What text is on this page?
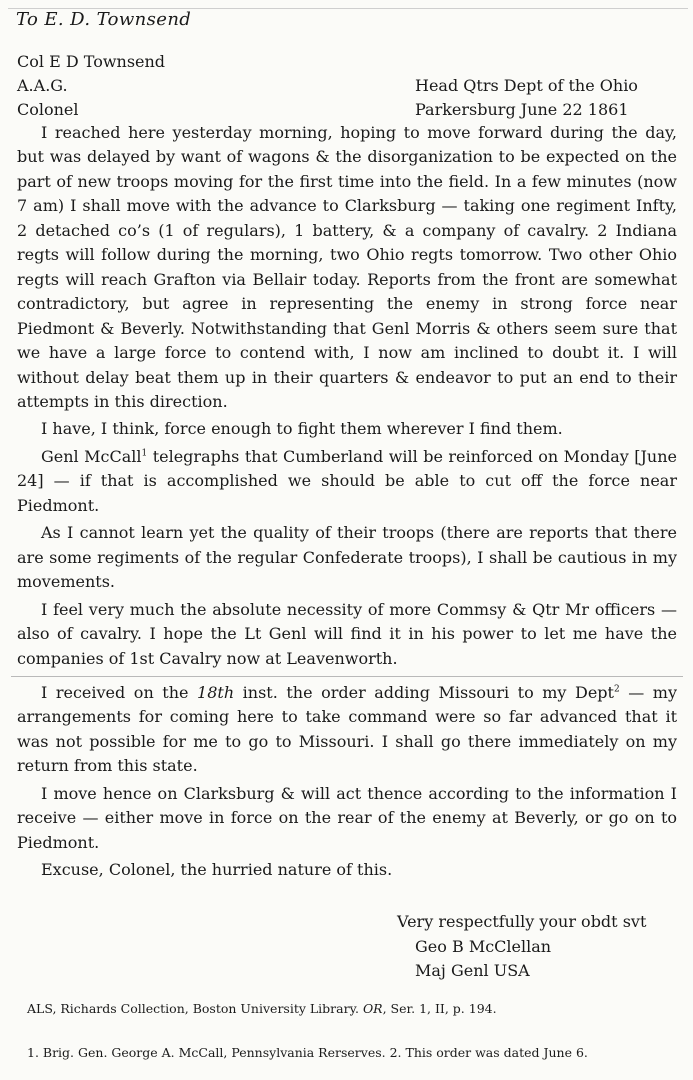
To E. D. Townsend
Col E D Townsend
A.A.G.
Colonel
Head Qtrs Dept of the Ohio
Parkersburg June 22 1861

I reached here yesterday morning, hoping to move forward during the day, but was delayed by want of wagons & the disorganization to be expected on the part of new troops moving for the first time into the field. In a few minutes (now 7 am) I shall move with the advance to Clarksburg — taking one regiment Infty, 2 detached co’s (1 of regulars), 1 battery, & a company of cavalry. 2 Indiana regts will follow during the morning, two Ohio regts tomorrow. Two other Ohio regts will reach Grafton via Bellair today. Reports from the front are somewhat contradictory, but agree in representing the enemy in strong force near Piedmont & Beverly. Notwithstanding that Genl Morris & others seem sure that we have a large force to contend with, I now am inclined to doubt it. I will without delay beat them up in their quarters & endeavor to put an end to their attempts in this direction.

I have, I think, force enough to fight them wherever I find them.

Genl McCall$^1$ telegraphs that Cumberland will be reinforced on Monday [June 24] — if that is accomplished we should be able to cut off the force near Piedmont.

As I cannot learn yet the quality of their troops (there are reports that there are some regiments of the regular Confederate troops), I shall be cautious in my movements.

I feel very much the absolute necessity of more Commsy & Qtr Mr officers — also of cavalry. I hope the Lt Genl will find it in his power to let me have the companies of 1st Cavalry now at Leavenworth.

I received on the 18th inst. the order adding Missouri to my Dept$^2$ — my arrangements for coming here to take command were so far advanced that it was not possible for me to go to Missouri. I shall go there immediately on my return from this state.

I move hence on Clarksburg & will act thence according to the information I receive — either move in force on the rear of the enemy at Beverly, or go on to Piedmont.

Excuse, Colonel, the hurried nature of this.

Very respectfully your obdt svt
Geo B McClellan
Maj Genl USA
ALS, Richards Collection, Boston University Library. OR, Ser. 1, II, p. 194.
1. Brig. Gen. George A. McCall, Pennsylvania Rerserves. 2. This order was dated June 6.
